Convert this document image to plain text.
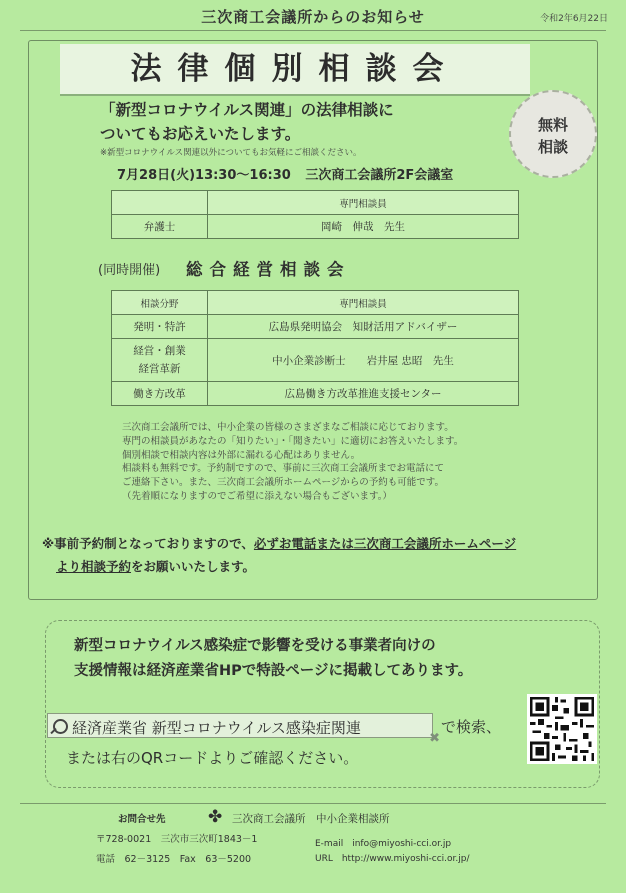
三次商工会議所からのお知らせ	令和2年6月22日
法律個別相談会
「新型コロナウイルス関連」の法律相談に
ついてもお応えいたします。
※新型コロナウイルス関連以外についてもお気軽にご相談ください。
無料
相談
7月28日(火)13:30～16:30 三次商工会議所2F会議室
	専門相談員
弁護士	岡崎　伸哉　先生
(同時開催) 総合経営相談会
相談分野	専門相談員
発明・特許	広島県発明協会　知財活用アドバイザー

経営・創業
経営革新	中小企業診断士　　岩井屋 忠昭　先生
働き方改革	広島働き方改革推進支援センター
三次商工会議所では、中小企業の皆様のさまざまなご相談に応じております。
専門の相談員があなたの「知りたい」・「聞きたい」に適切にお答えいたします。
個別相談で相談内容は外部に漏れる心配はありません。
相談料も無料です。予約制ですので、事前に三次商工会議所までお電話にて
ご連絡下さい。また、三次商工会議所ホームページからの予約も可能です。
（先着順になりますのでご希望に添えない場合もございます。）
※事前予約制となっておりますので、必ずお電話または三次商工会議所ホームページ
より相談予約をお願いいたします。
新型コロナウイルス感染症で影響を受ける事業者向けの
支援情報は経済産業省HPで特設ページに掲載してあります。
経済産業省 新型コロナウイルス感染症関連
✖
で検索、
または右のQRコードよりご確認ください。
お問合せ先 ✤ 三次商工会議所　中小企業相談所
〒728-0021　三次市三次町1843－1
電話　62－3125　Fax　63－5200
E-mail　info@miyoshi-cci.or.jp
URL　http://www.miyoshi-cci.or.jp/
